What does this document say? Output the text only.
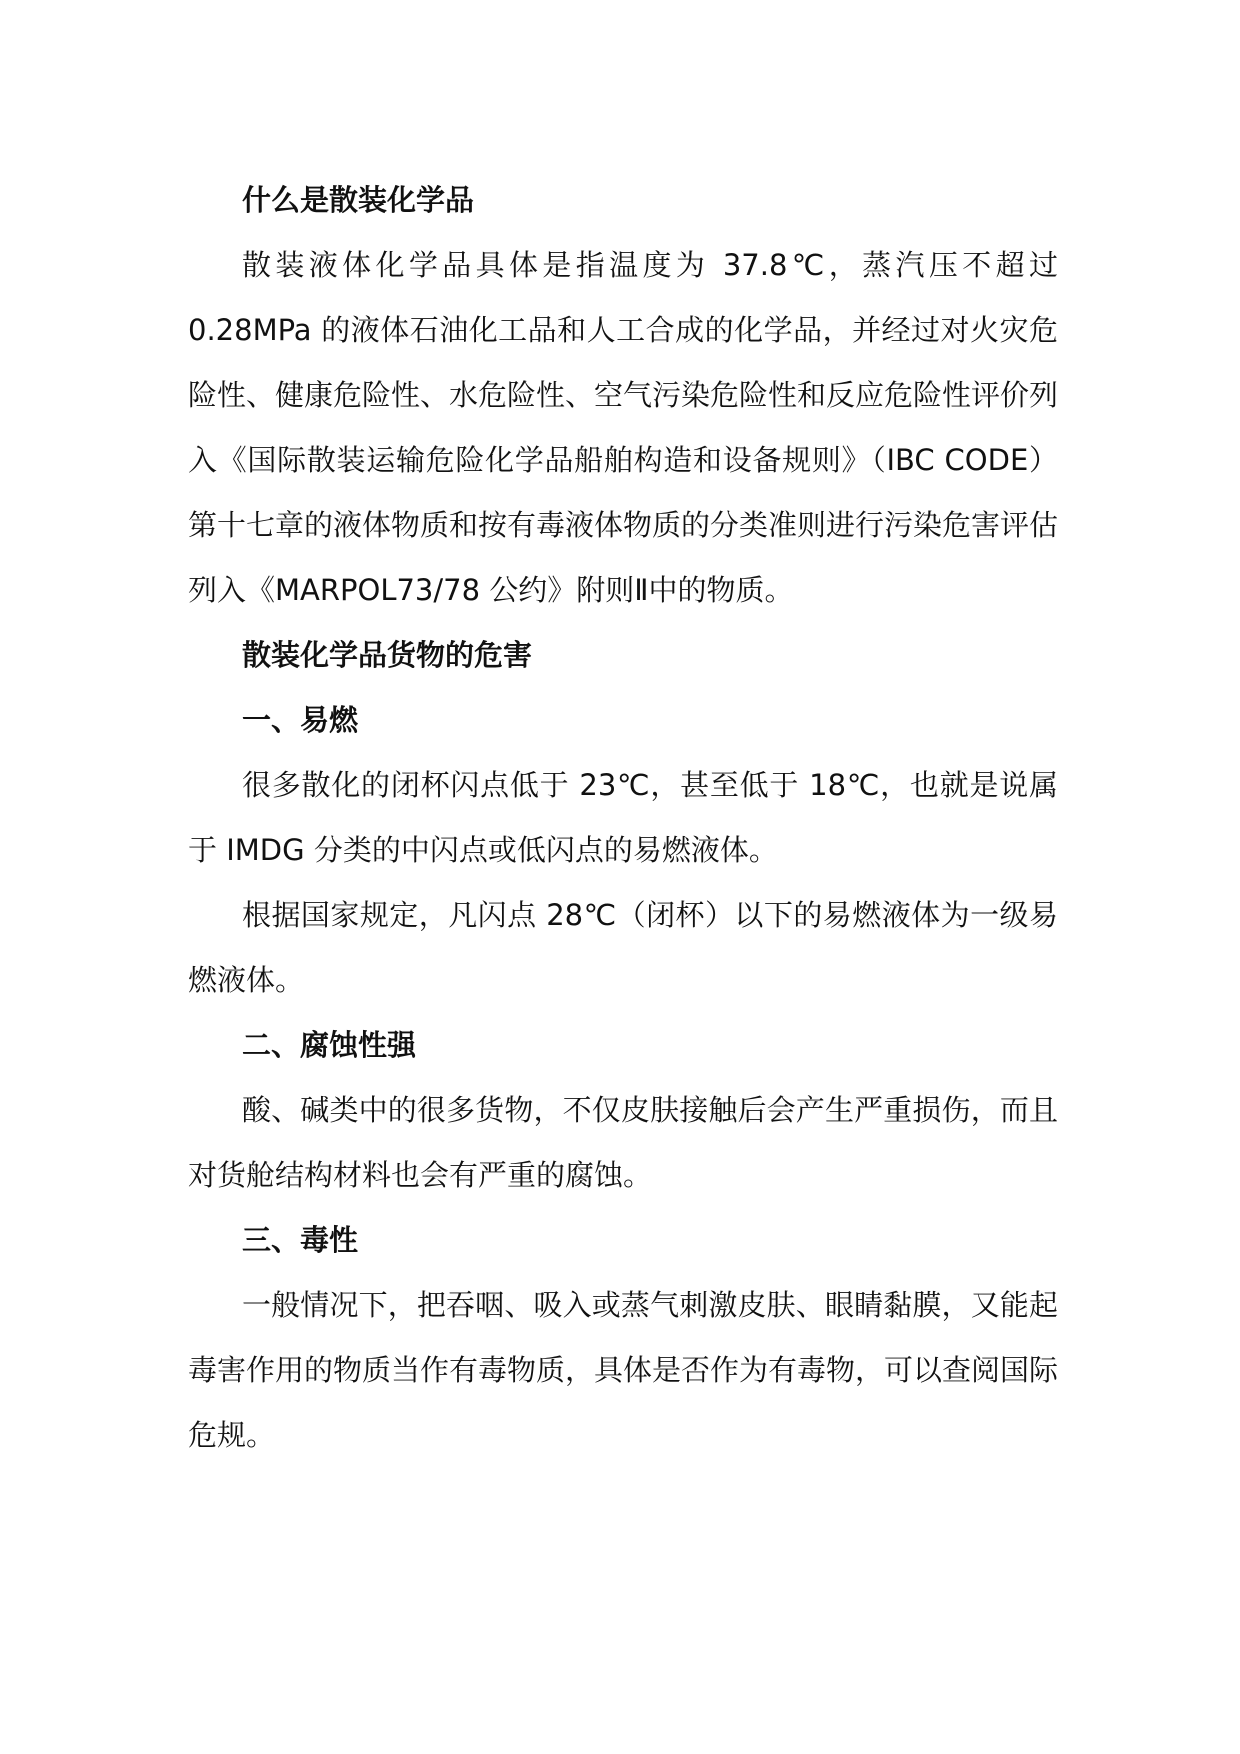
什么是散装化学品

散装液体化学品具体是指温度为 37.8℃，蒸汽压不超过 0.28MPa 的液体石油化工品和人工合成的化学品，并经过对火灾危险性、健康危险性、水危险性、空气污染危险性和反应危险性评价列入《国际散装运输危险化学品船舶构造和设备规则》（IBC CODE）第十七章的液体物质和按有毒液体物质的分类准则进行污染危害评估列入《MARPOL73/78 公约》附则Ⅱ中的物质。

散装化学品货物的危害

一、易燃

很多散化的闭杯闪点低于 23℃，甚至低于 18℃，也就是说属于 IMDG 分类的中闪点或低闪点的易燃液体。

根据国家规定，凡闪点 28℃（闭杯）以下的易燃液体为一级易燃液体。

二、腐蚀性强

酸、碱类中的很多货物，不仅皮肤接触后会产生严重损伤，而且对货舱结构材料也会有严重的腐蚀。

三、毒性

一般情况下，把吞咽、吸入或蒸气刺激皮肤、眼睛黏膜，又能起毒害作用的物质当作有毒物质，具体是否作为有毒物，可以查阅国际危规。
